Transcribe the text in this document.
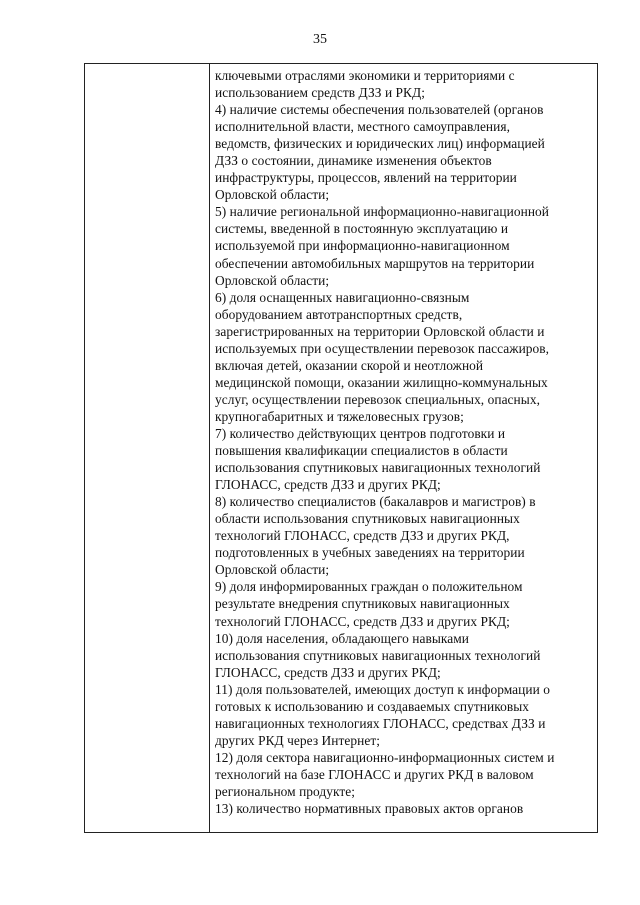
35
ключевыми отраслями экономики и территориями с
использованием средств ДЗЗ и РКД;
4) наличие системы обеспечения пользователей (органов
исполнительной власти, местного самоуправления,
ведомств, физических и юридических лиц) информацией
ДЗЗ о состоянии, динамике изменения объектов
инфраструктуры, процессов, явлений на территории
Орловской области;
5) наличие региональной информационно-навигационной
системы, введенной в постоянную эксплуатацию и
используемой при информационно-навигационном
обеспечении автомобильных маршрутов на территории
Орловской области;
6) доля оснащенных навигационно-связным
оборудованием автотранспортных средств,
зарегистрированных на территории Орловской области и
используемых при осуществлении перевозок пассажиров,
включая детей, оказании скорой и неотложной
медицинской помощи, оказании жилищно-коммунальных
услуг, осуществлении перевозок специальных, опасных,
крупногабаритных и тяжеловесных грузов;
7) количество действующих центров подготовки и
повышения квалификации специалистов в области
использования спутниковых навигационных технологий
ГЛОНАСС, средств ДЗЗ и других РКД;
8) количество специалистов (бакалавров и магистров) в
области использования спутниковых навигационных
технологий ГЛОНАСС, средств ДЗЗ и других РКД,
подготовленных в учебных заведениях на территории
Орловской области;
9) доля информированных граждан о положительном
результате внедрения спутниковых навигационных
технологий ГЛОНАСС, средств ДЗЗ и других РКД;
10) доля населения, обладающего навыками
использования спутниковых навигационных технологий
ГЛОНАСС, средств ДЗЗ и других РКД;
11) доля пользователей, имеющих доступ к информации о
готовых к использованию и создаваемых спутниковых
навигационных технологиях ГЛОНАСС, средствах ДЗЗ и
других РКД через Интернет;
12) доля сектора навигационно-информационных систем и
технологий на базе ГЛОНАСС и других РКД в валовом
региональном продукте;
13) количество нормативных правовых актов органов
